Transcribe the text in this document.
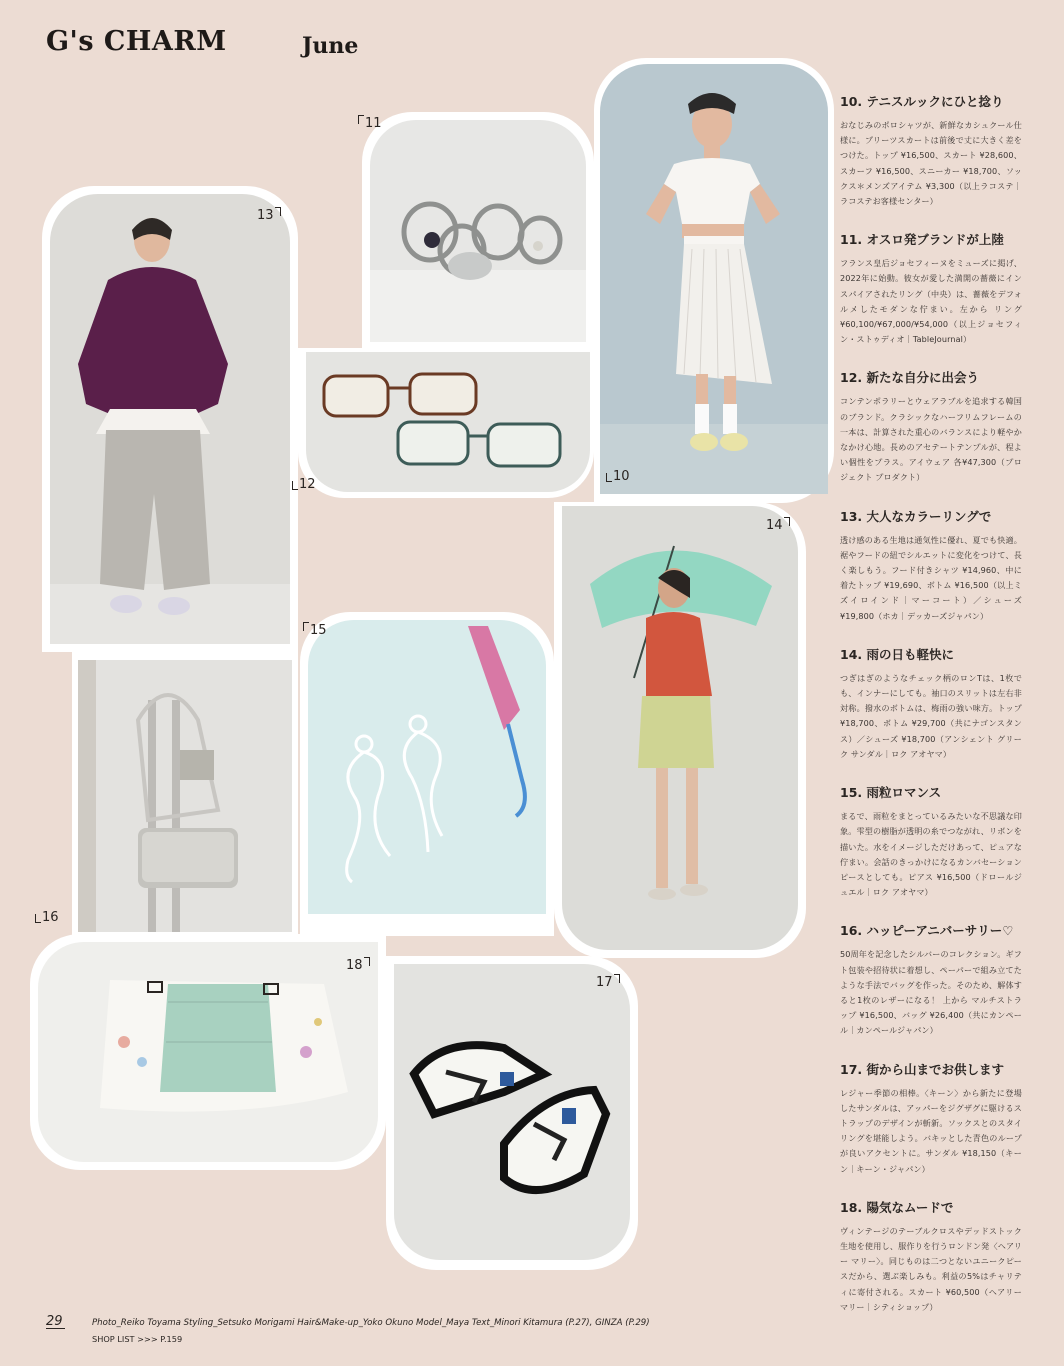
G's CHARM	June
11
12
13
10
14
15
16
18
17
10. テニスルックにひと捻り

おなじみのポロシャツが、新鮮なカシュクール仕様に。プリーツスカートは前後で丈に大きく差をつけた。トップ ¥16,500、スカート ¥28,600、スカーフ ¥16,500、スニーカー ¥18,700、ソックス＊メンズアイテム ¥3,300（以上ラコステ｜ラコステお客様センター）

11. オスロ発ブランドが上陸

フランス皇后ジョセフィーヌをミューズに掲げ、2022年に始動。彼女が愛した満開の薔薇にインスパイアされたリング（中央）は、薔薇をデフォルメしたモダンな佇まい。左から リング ¥60,100/¥67,000/¥54,000（以上ジョセフィン・ストゥディオ｜TableJournal）

12. 新たな自分に出会う

コンテンポラリーとウェアラブルを追求する韓国のブランド。クラシックなハーフリムフレームの一本は、計算された重心のバランスにより軽やかなかけ心地。長めのアセテートテンプルが、程よい個性をプラス。アイウェア 各¥47,300（プロジェクト プロダクト）

13. 大人なカラーリングで

透け感のある生地は通気性に優れ、夏でも快適。裾やフードの紐でシルエットに変化をつけて、長く楽しもう。フード付きシャツ ¥14,960、中に着たトップ ¥19,690、ボトム ¥16,500（以上ミズイロインド｜マーコート）／シューズ ¥19,800（ホカ｜デッカーズジャパン）

14. 雨の日も軽快に

つぎはぎのようなチェック柄のロンTは、1枚でも、インナーにしても。袖口のスリットは左右非対称。撥水のボトムは、梅雨の強い味方。トップ ¥18,700、ボトム ¥29,700（共にナゴンスタンス）／シューズ ¥18,700（アンシェント グリーク サンダル｜ロク アオヤマ）

15. 雨粒ロマンス

まるで、雨粒をまとっているみたいな不思議な印象。雫型の樹脂が透明の糸でつながれ、リボンを描いた。水をイメージしただけあって、ピュアな佇まい。会話のきっかけになるカンバセーションピースとしても。ピアス ¥16,500（ドロールジュエル｜ロク アオヤマ）

16. ハッピーアニバーサリー♡

50周年を記念したシルバーのコレクション。ギフト包装や招待状に着想し、ペーパーで組み立てたような手法でバッグを作った。そのため、解体すると1枚のレザーになる！ 上から マルチストラップ ¥16,500、バッグ ¥26,400（共にカンペール｜カンペールジャパン）

17. 街から山までお供します

レジャー季節の相棒。〈キーン〉から新たに登場したサンダルは、アッパーをジグザグに駆けるストラップのデザインが斬新。ソックスとのスタイリングを堪能しよう。バキッとした青色のループが良いアクセントに。サンダル ¥18,150（キーン｜キーン・ジャパン）

18. 陽気なムードで

ヴィンテージのテーブルクロスやデッドストック生地を使用し、服作りを行うロンドン発〈ヘアリー マリー〉。同じものは二つとないユニークピースだから、選ぶ楽しみも。利益の5%はチャリティに寄付される。スカート ¥60,500（ヘアリー マリー｜シティショップ）

29	Photo_Reiko Toyama Styling_Setsuko Morigami Hair&Make-up_Yoko Okuno Model_Maya Text_Minori Kitamura (P.27), GINZA (P.29)
SHOP LIST >>> P.159
